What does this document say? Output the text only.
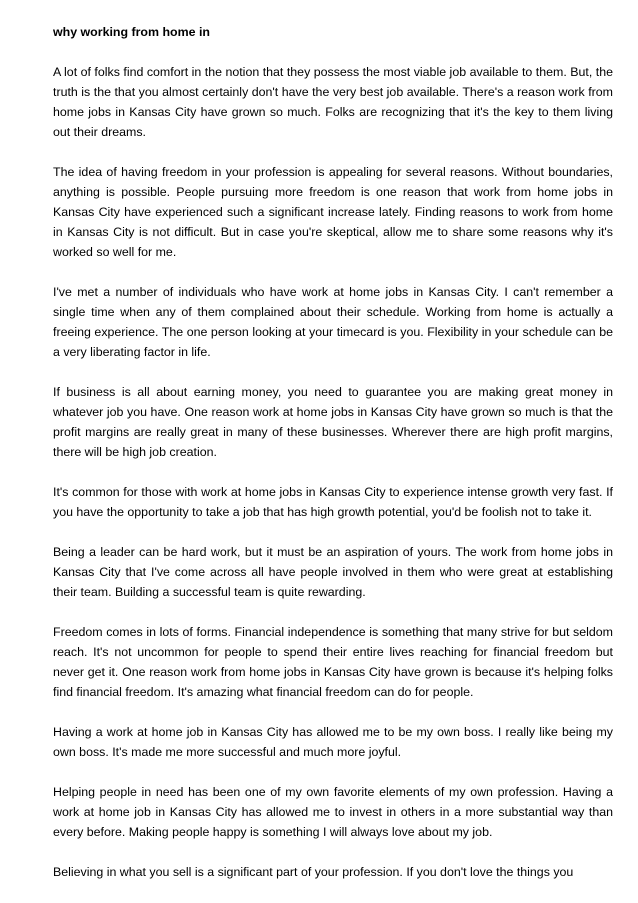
why working from home in

A lot of folks find comfort in the notion that they possess the most viable job available to them. But, the truth is the that you almost certainly don't have the very best job available. There's a reason work from home jobs in Kansas City have grown so much. Folks are recognizing that it's the key to them living out their dreams.

The idea of having freedom in your profession is appealing for several reasons. Without boundaries, anything is possible. People pursuing more freedom is one reason that work from home jobs in Kansas City have experienced such a significant increase lately. Finding reasons to work from home in Kansas City is not difficult. But in case you're skeptical, allow me to share some reasons why it's worked so well for me.

I've met a number of individuals who have work at home jobs in Kansas City. I can't remember a single time when any of them complained about their schedule. Working from home is actually a freeing experience. The one person looking at your timecard is you. Flexibility in your schedule can be a very liberating factor in life.

If business is all about earning money, you need to guarantee you are making great money in whatever job you have. One reason work at home jobs in Kansas City have grown so much is that the profit margins are really great in many of these businesses. Wherever there are high profit margins, there will be high job creation.

It's common for those with work at home jobs in Kansas City to experience intense growth very fast. If you have the opportunity to take a job that has high growth potential, you'd be foolish not to take it.

Being a leader can be hard work, but it must be an aspiration of yours. The work from home jobs in Kansas City that I've come across all have people involved in them who were great at establishing their team. Building a successful team is quite rewarding.

Freedom comes in lots of forms. Financial independence is something that many strive for but seldom reach. It's not uncommon for people to spend their entire lives reaching for financial freedom but never get it. One reason work from home jobs in Kansas City have grown is because it's helping folks find financial freedom. It's amazing what financial freedom can do for people.

Having a work at home job in Kansas City has allowed me to be my own boss. I really like being my own boss. It's made me more successful and much more joyful.

Helping people in need has been one of my own favorite elements of my own profession. Having a work at home job in Kansas City has allowed me to invest in others in a more substantial way than every before. Making people happy is something I will always love about my job.

Believing in what you sell is a significant part of your profession. If you don't love the things you
